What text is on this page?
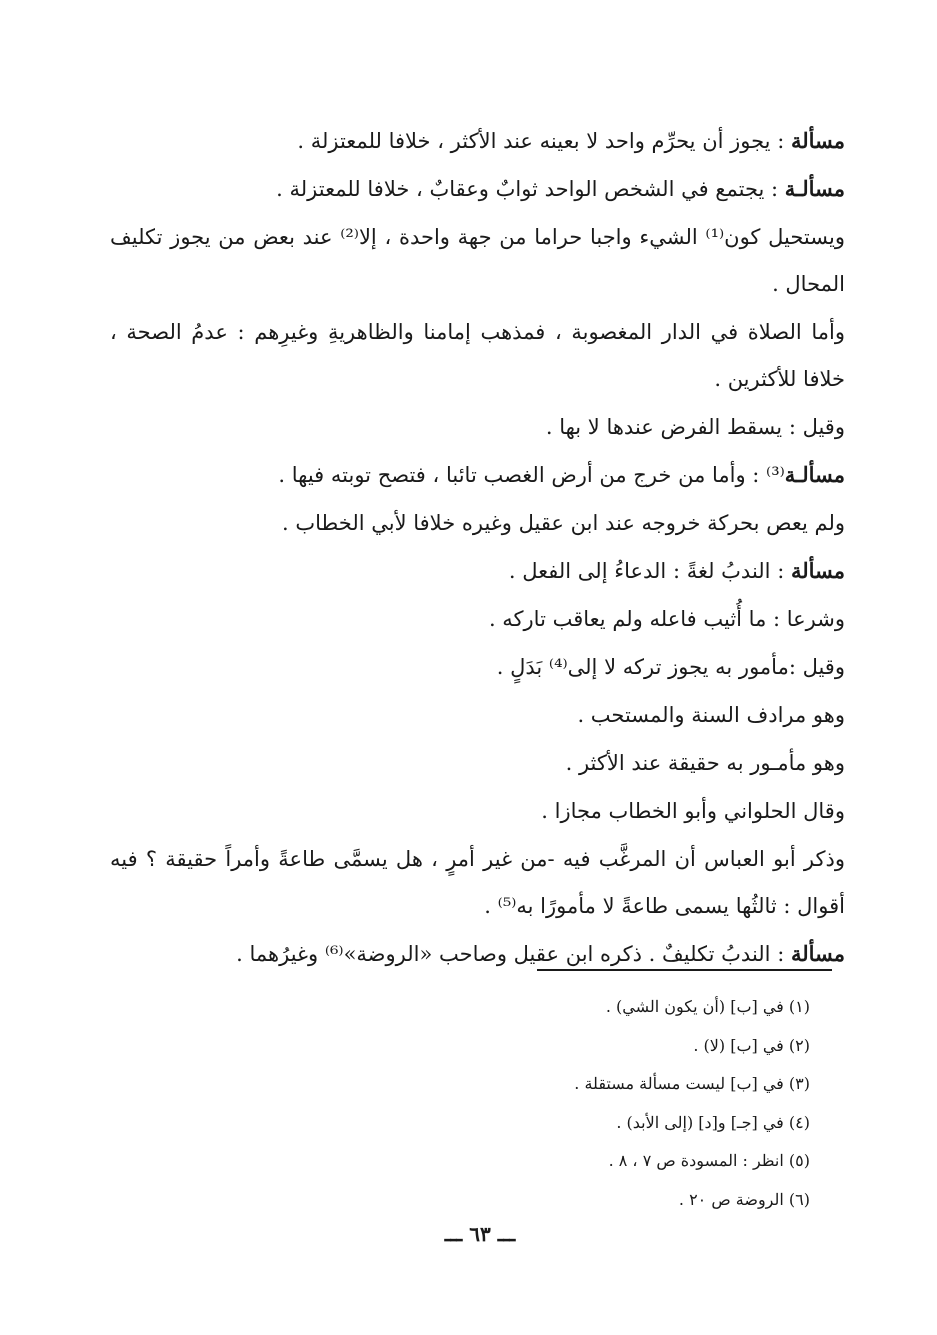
مسألة : يجوز أن يحرِّم واحد لا بعينه عند الأكثر ، خلافا للمعتزلة .

مسألـة : يجتمع في الشخص الواحد ثوابٌ وعقابٌ ، خلافا للمعتزلة .

ويستحيل كون⁽¹⁾ الشيء واجبا حراما من جهة واحدة ، إلا⁽²⁾ عند بعض من يجوز تكليف المحال .

وأما الصلاة في الدار المغصوبة ، فمذهب إمامنا والظاهريةِ وغيرِهم : عدمُ الصحة ، خلافا للأكثرين .

وقيل : يسقط الفرض عندها لا بها .

مسألـة⁽³⁾ : وأما من خرج من أرض الغصب تائبا ، فتصح توبته فيها .

ولم يعص بحركة خروجه عند ابن عقيل وغيره خلافا لأبي الخطاب .

مسألة : الندبُ لغةً : الدعاءُ إلى الفعل .

وشرعا : ما أُثيب فاعله ولم يعاقب تاركه .

وقيل :مأمور به يجوز تركه لا إلى⁽⁴⁾ بَدَلٍ .

وهو مرادف السنة والمستحب .

وهو مأمـور به حقيقة عند الأكثر .

وقال الحلواني وأبو الخطاب مجازا .

وذكر أبو العباس أن المرغَّب فيه -من غير أمرٍ ، هل يسمَّى طاعةً وأمراً حقيقة ؟ فيه أقوال : ثالثُها يسمى طاعةً لا مأمورًا به⁽⁵⁾ .

مسألة : الندبُ تكليفٌ . ذكره ابن عقيل وصاحب «الروضة»⁽⁶⁾ وغيرُهما .

(١) في [ب] (أن يكون الشي) .

(٢) في [ب] (لا) .

(٣) في [ب] ليست مسألة مستقلة .

(٤) في [جـ] و[د] (إلى الأبد) .

(٥) انظر : المسودة ص ٧ ، ٨ .

(٦) الروضة ص ٢٠ .

ـــ ٦٣ ـــ
